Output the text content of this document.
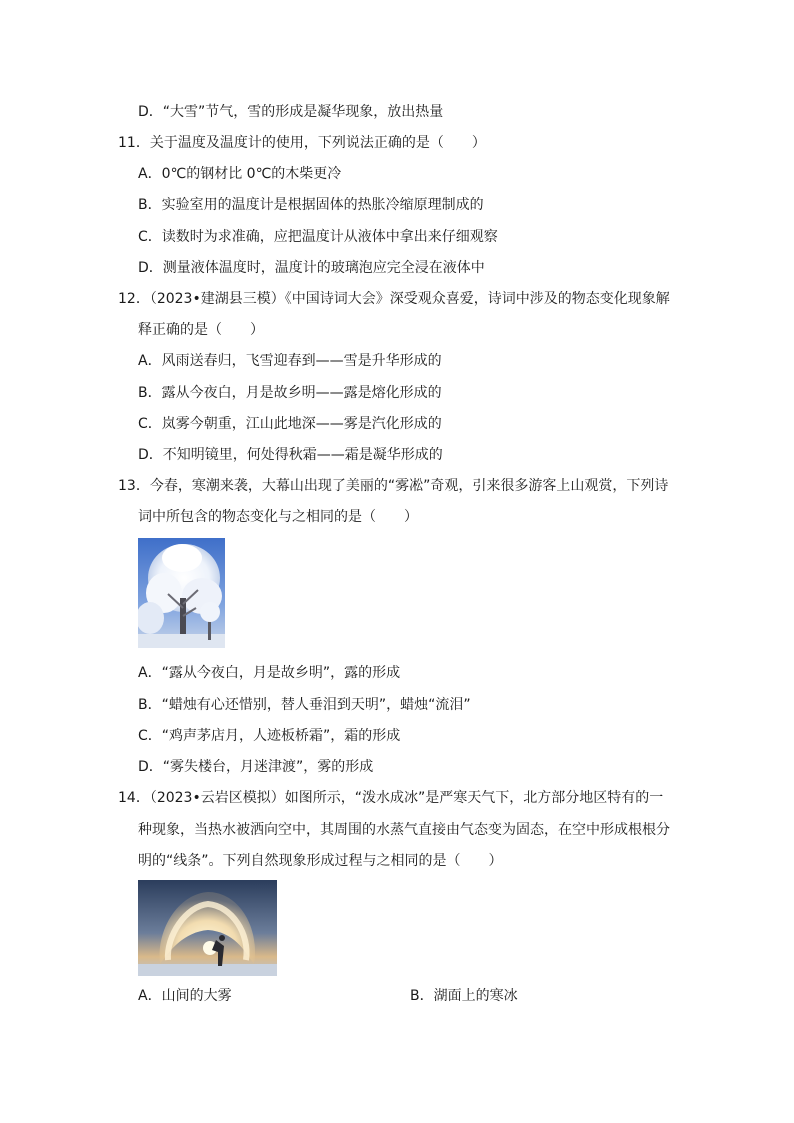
D．“大雪”节气，雪的形成是凝华现象，放出热量
11．关于温度及温度计的使用，下列说法正确的是（　　）
A．0℃的钢材比 0℃的木柴更冷
B．实验室用的温度计是根据固体的热胀冷缩原理制成的
C．读数时为求准确，应把温度计从液体中拿出来仔细观察
D．测量液体温度时，温度计的玻璃泡应完全浸在液体中
12．（2023•建湖县三模）《中国诗词大会》深受观众喜爱，诗词中涉及的物态变化现象解
释正确的是（　　）
A．风雨送春归，飞雪迎春到——雪是升华形成的
B．露从今夜白，月是故乡明——露是熔化形成的
C．岚雾今朝重，江山此地深——雾是汽化形成的
D．不知明镜里，何处得秋霜——霜是凝华形成的
13．今春，寒潮来袭，大幕山出现了美丽的“雾凇”奇观，引来很多游客上山观赏，下列诗
词中所包含的物态变化与之相同的是（　　）
A．“露从今夜白，月是故乡明”，露的形成
B．“蜡烛有心还惜别，替人垂泪到天明”，蜡烛“流泪”
C．“鸡声茅店月，人迹板桥霜”，霜的形成
D．“雾失楼台，月迷津渡”，雾的形成
14．（2023•云岩区模拟）如图所示，“泼水成冰”是严寒天气下，北方部分地区特有的一
种现象，当热水被洒向空中，其周围的水蒸气直接由气态变为固态，在空中形成根根分
明的“线条”。下列自然现象形成过程与之相同的是（　　）
A．山间的大雾	B．湖面上的寒冰
